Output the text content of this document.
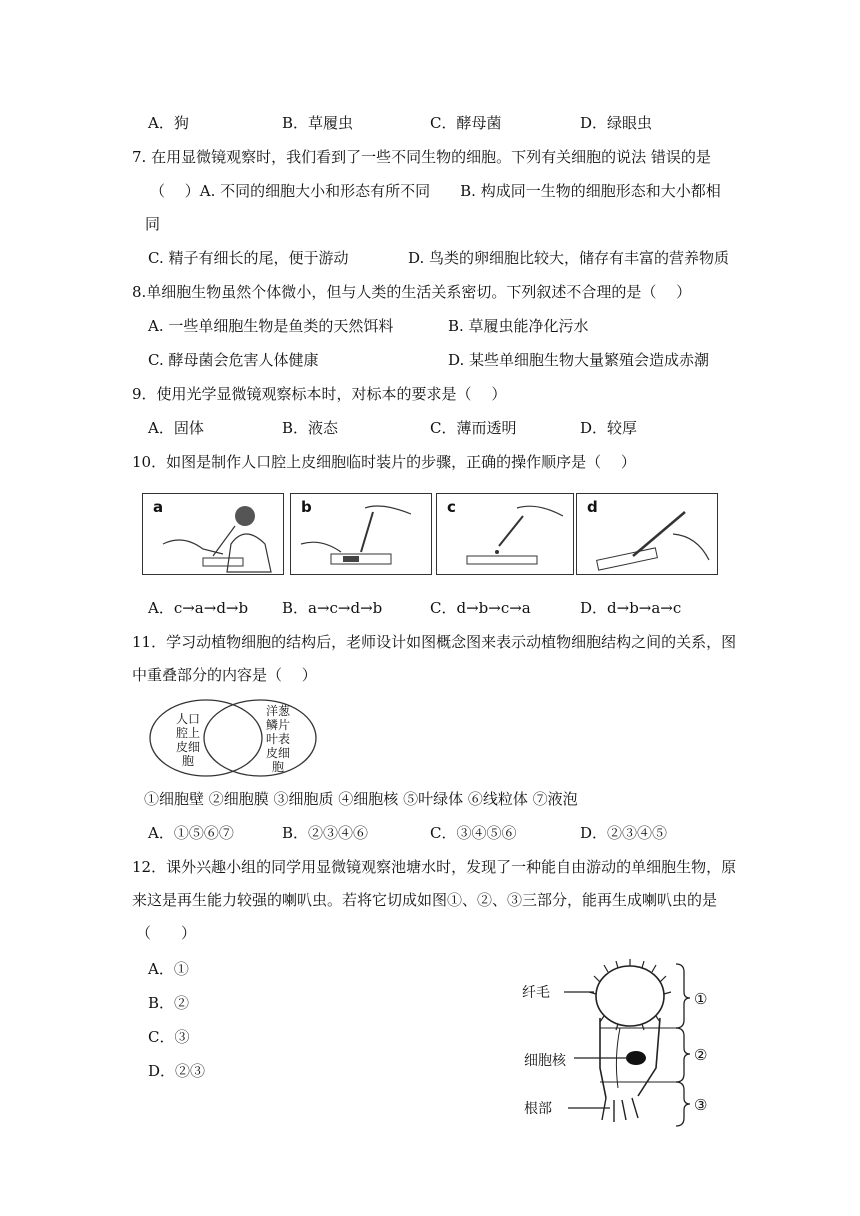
A．狗	B．草履虫	C．酵母菌	D．绿眼虫
7. 在用显微镜观察时，我们看到了一些不同生物的细胞。下列有关细胞的说法 错误的是
（　 ）A. 不同的细胞大小和形态有所不同　　B. 构成同一生物的细胞形态和大小都相
同
C. 精子有细长的尾，便于游动	D. 鸟类的卵细胞比较大，储存有丰富的营养物质
8.单细胞生物虽然个体微小，但与人类的生活关系密切。下列叙述不合理的是（　 ）
A. 一些单细胞生物是鱼类的天然饵料	B. 草履虫能净化污水
C. 酵母菌会危害人体健康	D. 某些单细胞生物大量繁殖会造成赤潮
9．使用光学显微镜观察标本时，对标本的要求是（　 ）
A．固体	B．液态	C．薄而透明	D．较厚
10．如图是制作人口腔上皮细胞临时装片的步骤，正确的操作顺序是（　 ）
a	b	c	d
A．c→a→d→b B．a→c→d→b	C．d→b→c→a	D．d→b→a→c
11．学习动植物细胞的结构后，老师设计如图概念图来表示动植物细胞结构之间的关系，图
中重叠部分的内容是（　 ）
人口
腔上
皮细
胞
洋葱
鳞片
叶表
皮细
胞
①细胞壁 ②细胞膜 ③细胞质 ④细胞核 ⑤叶绿体 ⑥线粒体 ⑦液泡
A．①⑤⑥⑦	B．②③④⑥	C．③④⑤⑥	D．②③④⑤
12．课外兴趣小组的同学用显微镜观察池塘水时，发现了一种能自由游动的单细胞生物，原
来这是再生能力较强的喇叭虫。若将它切成如图①、②、③三部分，能再生成喇叭虫的是
（　　）
A．①
B．②
C．③
D．②③
纤毛
细胞核
根部
①
②
③
